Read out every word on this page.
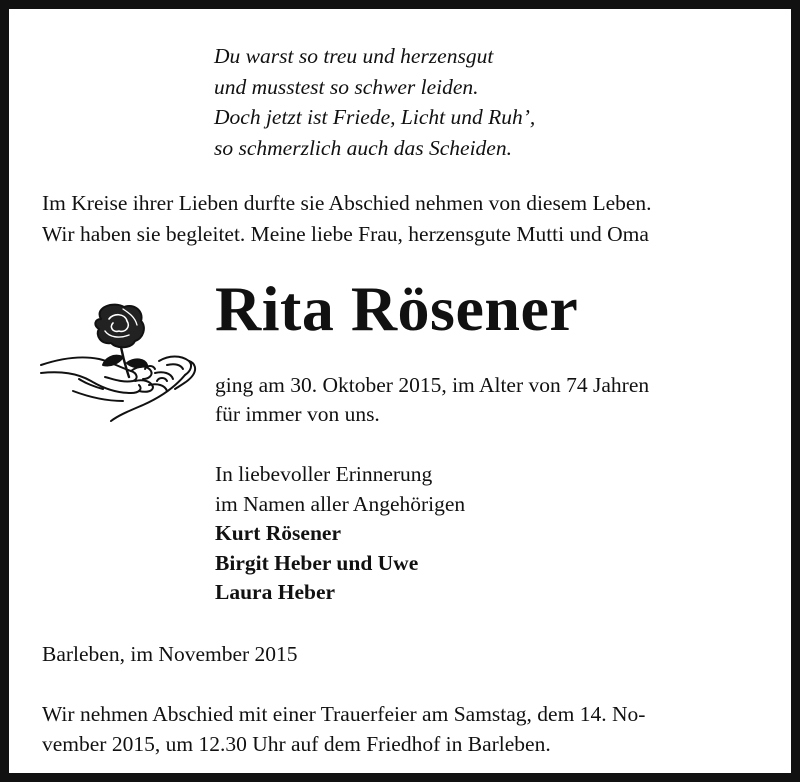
Du warst so treu und herzensgut
und musstest so schwer leiden.
Doch jetzt ist Friede, Licht und Ruh’,
so schmerzlich auch das Scheiden.
Im Kreise ihrer Lieben durfte sie Abschied nehmen von diesem Leben.
Wir haben sie begleitet. Meine liebe Frau, herzensgute Mutti und Oma
Rita Rösener
ging am 30. Oktober 2015, im Alter von 74 Jahren
für immer von uns.
In liebevoller Erinnerung
im Namen aller Angehörigen
Kurt Rösener
Birgit Heber und Uwe
Laura Heber
Barleben, im November 2015
Wir nehmen Abschied mit einer Trauerfeier am Samstag, dem 14. No-
vember 2015, um 12.30 Uhr auf dem Friedhof in Barleben.
